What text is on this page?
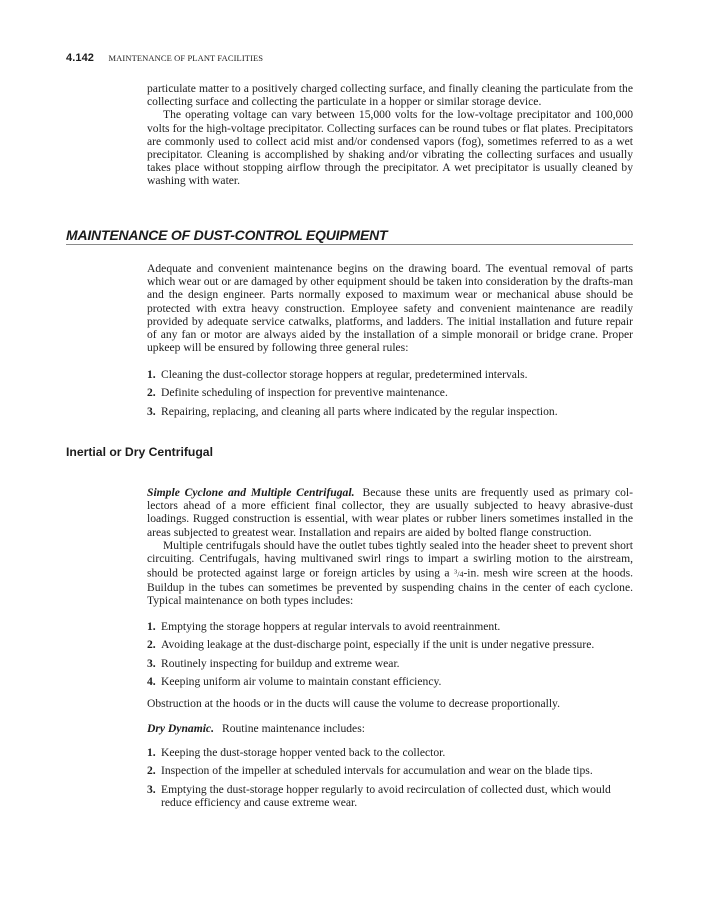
4.142 MAINTENANCE OF PLANT FACILITIES

particulate matter to a positively charged collecting surface, and finally cleaning the particulate from the collecting surface and collecting the particulate in a hopper or similar storage device.

The operating voltage can vary between 15,000 volts for the low-voltage precipitator and 100,000 volts for the high-voltage precipitator. Collecting surfaces can be round tubes or flat plates. Precipitators are commonly used to collect acid mist and/or condensed vapors (fog), sometimes referred to as a wet precipitator. Cleaning is accomplished by shaking and/or vibrating the collecting surfaces and usually takes place without stopping airflow through the precipitator. A wet precipitator is usually cleaned by washing with water.

MAINTENANCE OF DUST-CONTROL EQUIPMENT

Adequate and convenient maintenance begins on the drawing board. The eventual removal of parts which wear out or are damaged by other equipment should be taken into consideration by the drafts-man and the design engineer. Parts normally exposed to maximum wear or mechanical abuse should be protected with extra heavy construction. Employee safety and convenient maintenance are readily provided by adequate service catwalks, platforms, and ladders. The initial installation and future repair of any fan or motor are always aided by the installation of a simple monorail or bridge crane. Proper upkeep will be ensured by following three general rules:

1. Cleaning the dust-collector storage hoppers at regular, predetermined intervals.
2. Definite scheduling of inspection for preventive maintenance.
3. Repairing, replacing, and cleaning all parts where indicated by the regular inspection.
Inertial or Dry Centrifugal

Simple Cyclone and Multiple Centrifugal. Because these units are frequently used as primary col-lectors ahead of a more efficient final collector, they are usually subjected to heavy abrasive-dust loadings. Rugged construction is essential, with wear plates or rubber liners sometimes installed in the areas subjected to greatest wear. Installation and repairs are aided by bolted flange construction.

Multiple centrifugals should have the outlet tubes tightly sealed into the header sheet to prevent short circuiting. Centrifugals, having multivaned swirl rings to impart a swirling motion to the airstream, should be protected against large or foreign articles by using a $^3$/4-in. mesh wire screen at the hoods. Buildup in the tubes can sometimes be prevented by suspending chains in the center of each cyclone. Typical maintenance on both types includes:

1. Emptying the storage hoppers at regular intervals to avoid reentrainment.
2. Avoiding leakage at the dust-discharge point, especially if the unit is under negative pressure.
3. Routinely inspecting for buildup and extreme wear.
4. Keeping uniform air volume to maintain constant efficiency.

Obstruction at the hoods or in the ducts will cause the volume to decrease proportionally.

Dry Dynamic. Routine maintenance includes:

1. Keeping the dust-storage hopper vented back to the collector.
2. Inspection of the impeller at scheduled intervals for accumulation and wear on the blade tips.
3. Emptying the dust-storage hopper regularly to avoid recirculation of collected dust, which would reduce efficiency and cause extreme wear.
